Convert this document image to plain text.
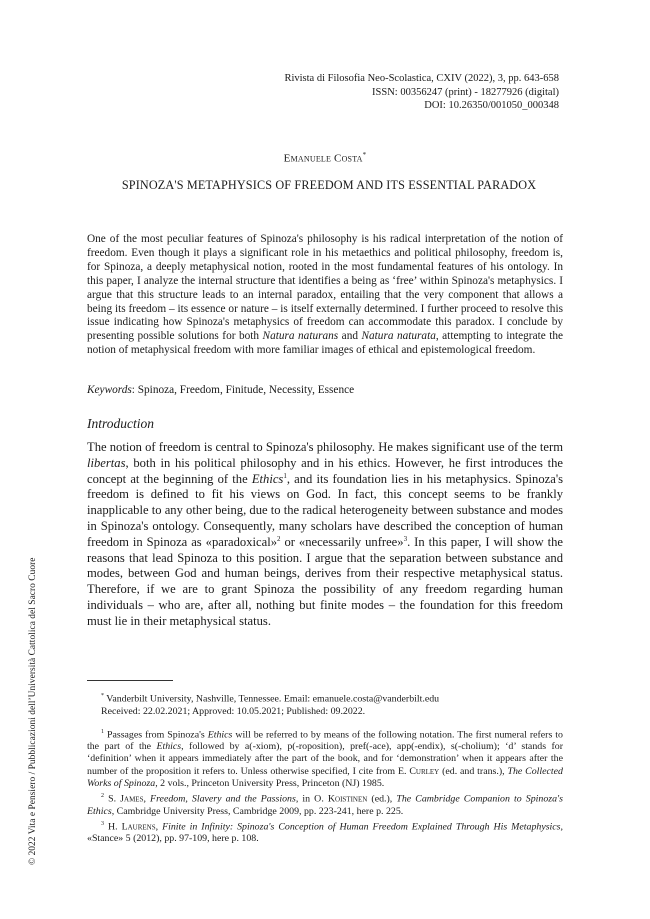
Rivista di Filosofia Neo-Scolastica, CXIV (2022), 3, pp. 643-658
ISSN: 00356247 (print) - 18277926 (digital)
DOI: 10.26350/001050_000348
Emanuele Costa*
SPINOZA'S METAPHYSICS OF FREEDOM AND ITS ESSENTIAL PARADOX
One of the most peculiar features of Spinoza's philosophy is his radical interpretation of the notion of freedom. Even though it plays a significant role in his metaethics and political philosophy, freedom is, for Spinoza, a deeply metaphysical notion, rooted in the most fundamental features of his ontology. In this paper, I analyze the internal structure that identifies a being as ‘free’ within Spinoza's metaphysics. I argue that this structure leads to an internal paradox, entailing that the very component that allows a being its freedom – its essence or nature – is itself externally determined. I further proceed to resolve this issue indicating how Spinoza's metaphysics of freedom can accommodate this paradox. I conclude by presenting possible solutions for both Natura naturans and Natura naturata, attempting to integrate the notion of metaphysical freedom with more familiar images of ethical and epistemological freedom.
Keywords: Spinoza, Freedom, Finitude, Necessity, Essence
Introduction
The notion of freedom is central to Spinoza's philosophy. He makes significant use of the term libertas, both in his political philosophy and in his ethics. However, he first introduces the concept at the beginning of the Ethics$^1$, and its foundation lies in his metaphysics. Spinoza's freedom is defined to fit his views on God. In fact, this concept seems to be frankly inapplicable to any other being, due to the radical heterogeneity between substance and modes in Spinoza's ontology. Consequently, many scholars have described the conception of human freedom in Spinoza as «paradoxical»$^2$ or «necessarily unfree»$^3$. In this paper, I will show the reasons that lead Spinoza to this position. I argue that the separation between substance and modes, between God and human beings, derives from their respective metaphysical status. Therefore, if we are to grant Spinoza the possibility of any freedom regarding human individuals – who are, after all, nothing but finite modes – the foundation for this freedom must lie in their metaphysical status.
* Vanderbilt University, Nashville, Tennessee. Email: emanuele.costa@vanderbilt.edu
Received: 22.02.2021; Approved: 10.05.2021; Published: 09.2022.
$^1$ Passages from Spinoza's Ethics will be referred to by means of the following notation. The first numeral refers to the part of the Ethics, followed by a(-xiom), p(-roposition), pref(-ace), app(-endix), s(-cholium); ‘d’ stands for ‘definition’ when it appears immediately after the part of the book, and for ‘demonstration’ when it appears after the number of the proposition it refers to. Unless otherwise specified, I cite from E. Curley (ed. and trans.), The Collected Works of Spinoza, 2 vols., Princeton University Press, Princeton (NJ) 1985.
$^2$ S. James, Freedom, Slavery and the Passions, in O. Koistinen (ed.), The Cambridge Companion to Spinoza's Ethics, Cambridge University Press, Cambridge 2009, pp. 223-241, here p. 225.
$^3$ H. Laurens, Finite in Infinity: Spinoza's Conception of Human Freedom Explained Through His Metaphysics, «Stance» 5 (2012), pp. 97-109, here p. 108.
© 2022 Vita e Pensiero / Pubblicazioni dell’Università Cattolica del Sacro Cuore
